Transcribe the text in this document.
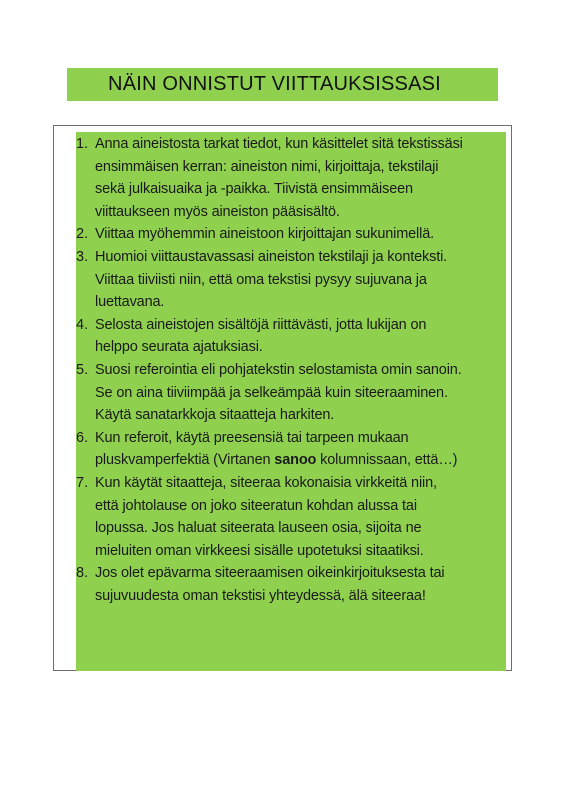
NÄIN ONNISTUT VIITTAUKSISSASI
1. Anna aineistosta tarkat tiedot, kun käsittelet sitä tekstissäsi
ensimmäisen kerran: aineiston nimi, kirjoittaja, tekstilaji
sekä julkaisuaika ja -paikka. Tiivistä ensimmäiseen
viittaukseen myös aineiston pääsisältö.
2. Viittaa myöhemmin aineistoon kirjoittajan sukunimellä.
3. Huomioi viittaustavassasi aineiston tekstilaji ja konteksti.
Viittaa tiiviisti niin, että oma tekstisi pysyy sujuvana ja
luettavana.
4. Selosta aineistojen sisältöjä riittävästi, jotta lukijan on
helppo seurata ajatuksiasi.
5. Suosi referointia eli pohjatekstin selostamista omin sanoin.
Se on aina tiiviimpää ja selkeämpää kuin siteeraaminen.
Käytä sanatarkkoja sitaatteja harkiten.
6. Kun referoit, käytä preesensiä tai tarpeen mukaan
pluskvamperfektiä (Virtanen sanoo kolumnissaan, että…)
7. Kun käytät sitaatteja, siteeraa kokonaisia virkkeitä niin,
että johtolause on joko siteeratun kohdan alussa tai
lopussa. Jos haluat siteerata lauseen osia, sijoita ne
mieluiten oman virkkeesi sisälle upotetuksi sitaatiksi.
8. Jos olet epävarma siteeraamisen oikeinkirjoituksesta tai
sujuvuudesta oman tekstisi yhteydessä, älä siteeraa!
